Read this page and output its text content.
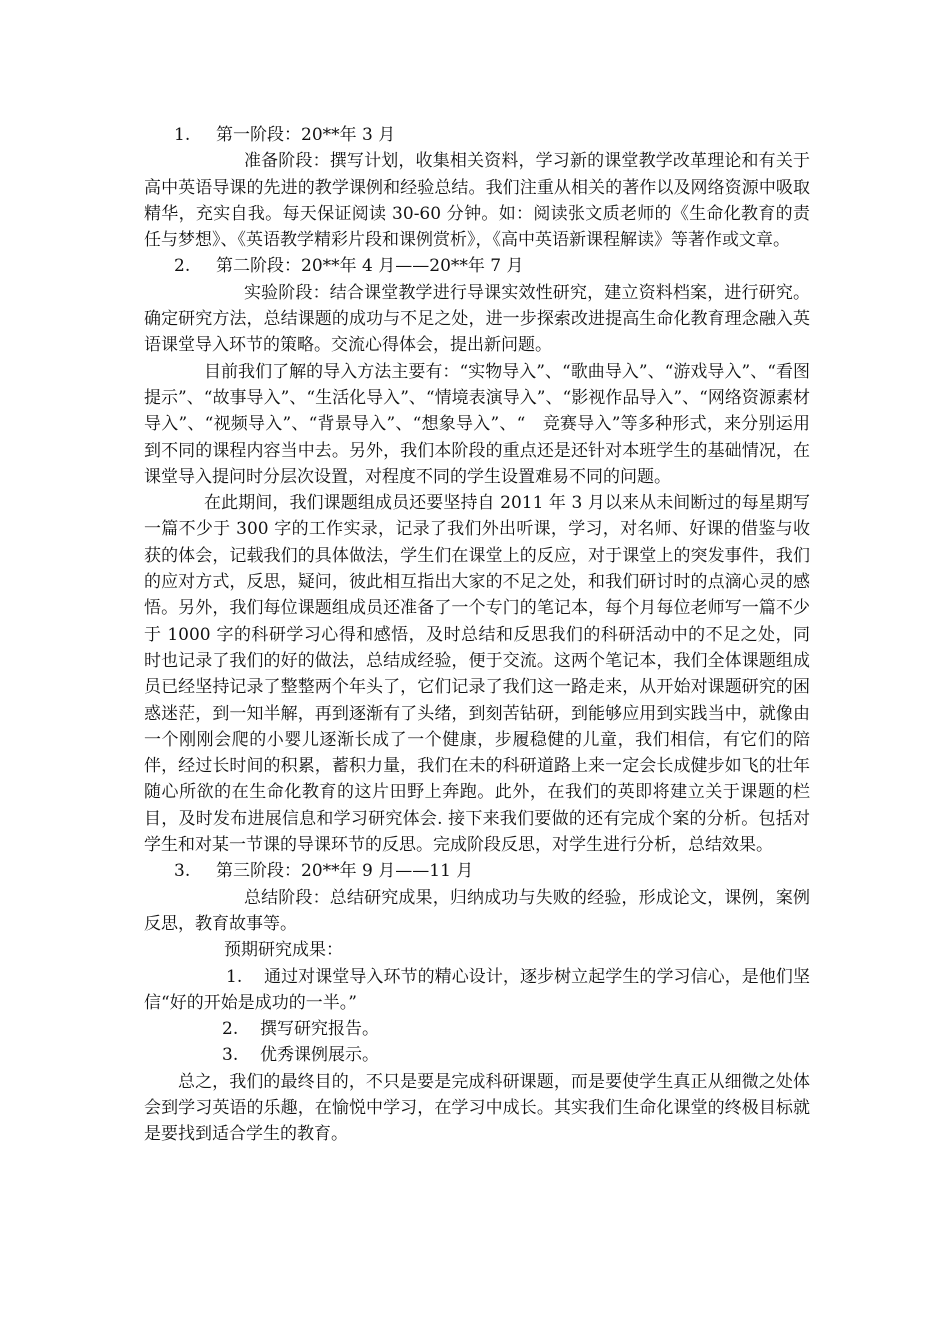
1. 第一阶段：20**年 3 月

准备阶段：撰写计划，收集相关资料，学习新的课堂教学改革理论和有关于高中英语导课的先进的教学课例和经验总结。我们注重从相关的著作以及网络资源中吸取精华，充实自我。每天保证阅读 30-60 分钟。如：阅读张文质老师的《生命化教育的责任与梦想》、《英语教学精彩片段和课例赏析》，《高中英语新课程解读》等著作或文章。

2. 第二阶段：20**年 4 月——20**年 7 月

实验阶段：结合课堂教学进行导课实效性研究，建立资料档案，进行研究。确定研究方法，总结课题的成功与不足之处，进一步探索改进提高生命化教育理念融入英语课堂导入环节的策略。交流心得体会，提出新问题。

目前我们了解的导入方法主要有：“实物导入”、“歌曲导入”、“游戏导入”、“看图提示”、“故事导入”、“生活化导入”、“情境表演导入”、“影视作品导入”、“网络资源素材导入”、“视频导入”、“背景导入”、“想象导入”、“　竞赛导入”等多种形式，来分别运用到不同的课程内容当中去。另外，我们本阶段的重点还是还针对本班学生的基础情况，在课堂导入提问时分层次设置，对程度不同的学生设置难易不同的问题。

在此期间，我们课题组成员还要坚持自 2011 年 3 月以来从未间断过的每星期写一篇不少于 300 字的工作实录，记录了我们外出听课，学习，对名师、好课的借鉴与收获的体会，记载我们的具体做法，学生们在课堂上的反应，对于课堂上的突发事件，我们的应对方式，反思，疑问，彼此相互指出大家的不足之处，和我们研讨时的点滴心灵的感悟。另外，我们每位课题组成员还准备了一个专门的笔记本，每个月每位老师写一篇不少于 1000 字的科研学习心得和感悟，及时总结和反思我们的科研活动中的不足之处，同时也记录了我们的好的做法，总结成经验，便于交流。这两个笔记本，我们全体课题组成员已经坚持记录了整整两个年头了，它们记录了我们这一路走来，从开始对课题研究的困惑迷茫，到一知半解，再到逐渐有了头绪，到刻苦钻研，到能够应用到实践当中，就像由一个刚刚会爬的小婴儿逐渐长成了一个健康，步履稳健的儿童，我们相信，有它们的陪伴，经过长时间的积累，蓄积力量，我们在未的科研道路上来一定会长成健步如飞的壮年随心所欲的在生命化教育的这片田野上奔跑。此外，在我们的英即将建立关于课题的栏目，及时发布进展信息和学习研究体会. 接下来我们要做的还有完成个案的分析。包括对学生和对某一节课的导课环节的反思。完成阶段反思，对学生进行分析，总结效果。

3. 第三阶段：20**年 9 月——11 月

总结阶段：总结研究成果，归纳成功与失败的经验，形成论文，课例，案例反思，教育故事等。

预期研究成果：

1. 通过对课堂导入环节的精心设计，逐步树立起学生的学习信心，是他们坚信“好的开始是成功的一半。”

2. 撰写研究报告。

3. 优秀课例展示。

总之，我们的最终目的，不只是要是完成科研课题，而是要使学生真正从细微之处体会到学习英语的乐趣，在愉悦中学习，在学习中成长。其实我们生命化课堂的终极目标就是要找到适合学生的教育。
